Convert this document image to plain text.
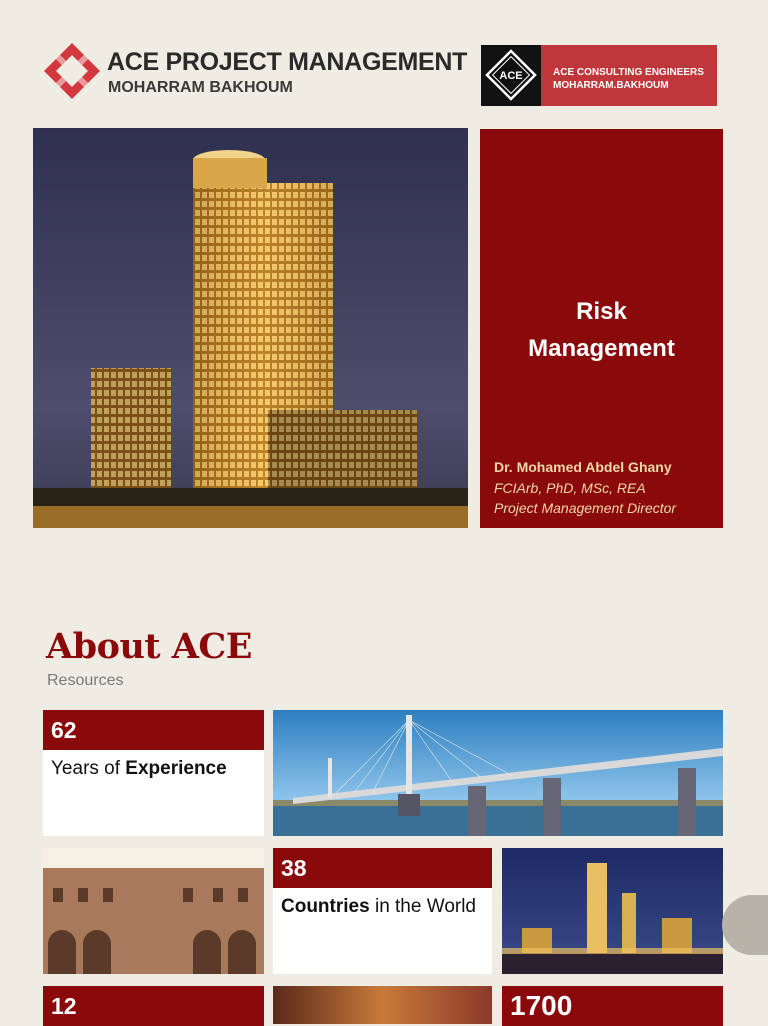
ACE PROJECT MANAGEMENT
MOHARRAM BAKHOUM
ACE	ACE CONSULTING ENGINEERS
MOHARRAM.BAKHOUM
Risk
Management
Dr. Mohamed Abdel Ghany
FCIArb, PhD, MSc, REA
Project Management Director
About ACE
Resources
62
Years of Experience
38
Countries in the World
12	1700
